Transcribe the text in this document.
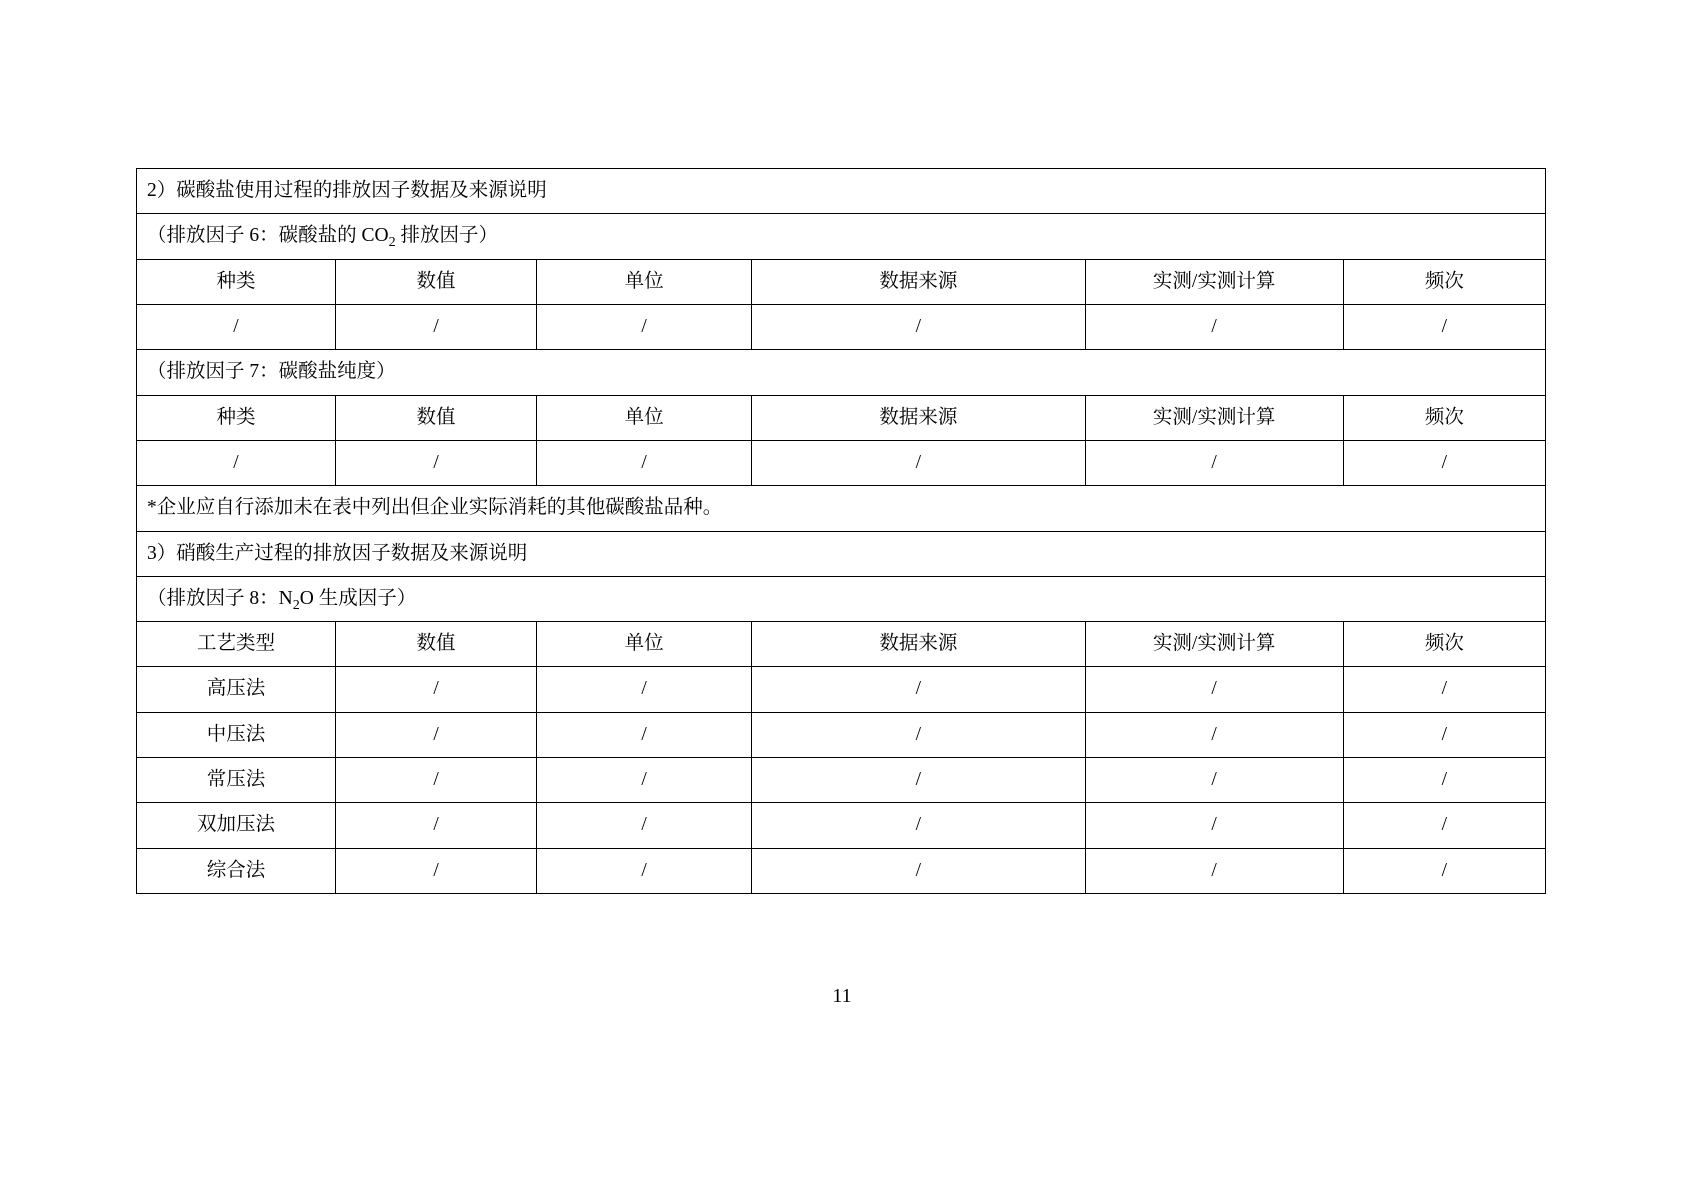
2）碳酸盐使用过程的排放因子数据及来源说明					
（排放因子 6：碳酸盐的 $CO_2$ 排放因子）					
种类	数值	单位	数据来源	实测/实测计算	频次
/	/	/	/	/	/
（排放因子 7：碳酸盐纯度）					
种类	数值	单位	数据来源	实测/实测计算	频次
/	/	/	/	/	/
*企业应自行添加未在表中列出但企业实际消耗的其他碳酸盐品种。					
3）硝酸生产过程的排放因子数据及来源说明					
（排放因子 8：$N_2O$ 生成因子）					
工艺类型	数值	单位	数据来源	实测/实测计算	频次
高压法	/	/	/	/	/
中压法	/	/	/	/	/
常压法	/	/	/	/	/
双加压法	/	/	/	/	/
综合法	/	/	/	/	/
11
